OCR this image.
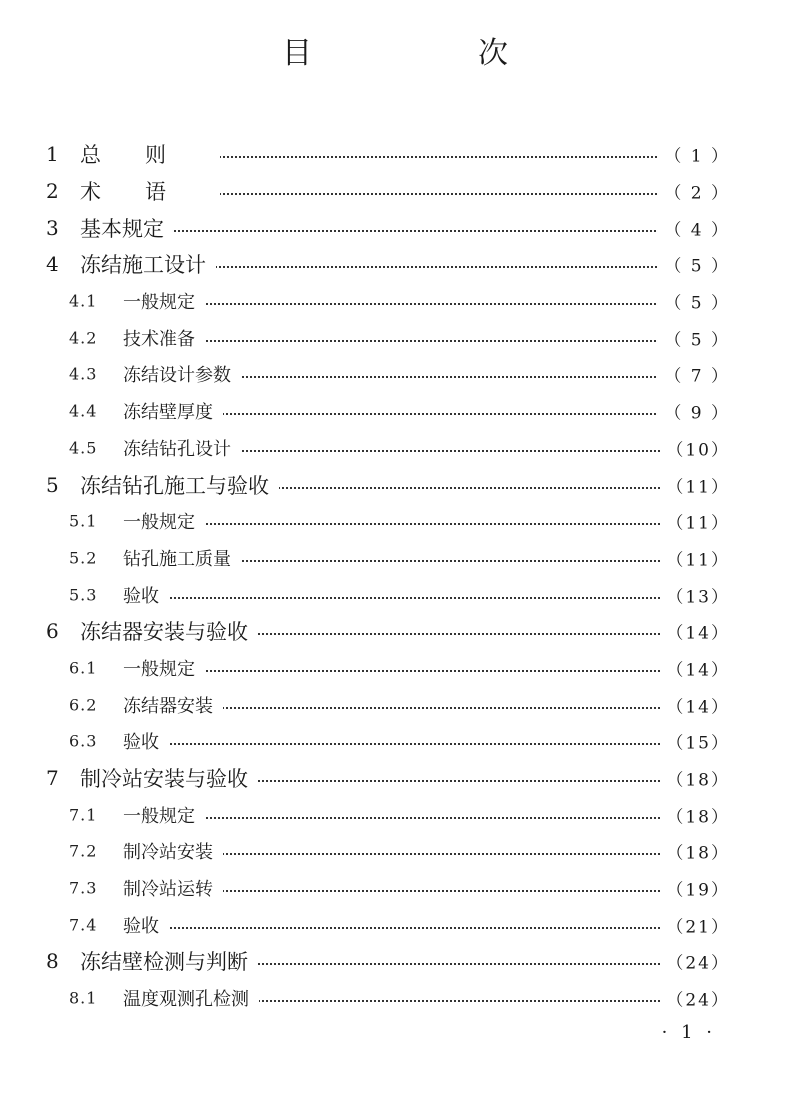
目　次
1 总则	（ 1 ）
2 术语	（ 2 ）
3 基本规定	（ 4 ）
4 冻结施工设计	（ 5 ）
4.1 一般规定	（ 5 ）
4.2 技术准备	（ 5 ）
4.3 冻结设计参数	（ 7 ）
4.4 冻结壁厚度	（ 9 ）
4.5 冻结钻孔设计	（10）
5 冻结钻孔施工与验收	（11）
5.1 一般规定	（11）
5.2 钻孔施工质量	（11）
5.3 验收	（13）
6 冻结器安装与验收	（14）
6.1 一般规定	（14）
6.2 冻结器安装	（14）
6.3 验收	（15）
7 制冷站安装与验收	（18）
7.1 一般规定	（18）
7.2 制冷站安装	（18）
7.3 制冷站运转	（19）
7.4 验收	（21）
8 冻结壁检测与判断	（24）
8.1 温度观测孔检测	（24）
· 1 ·
